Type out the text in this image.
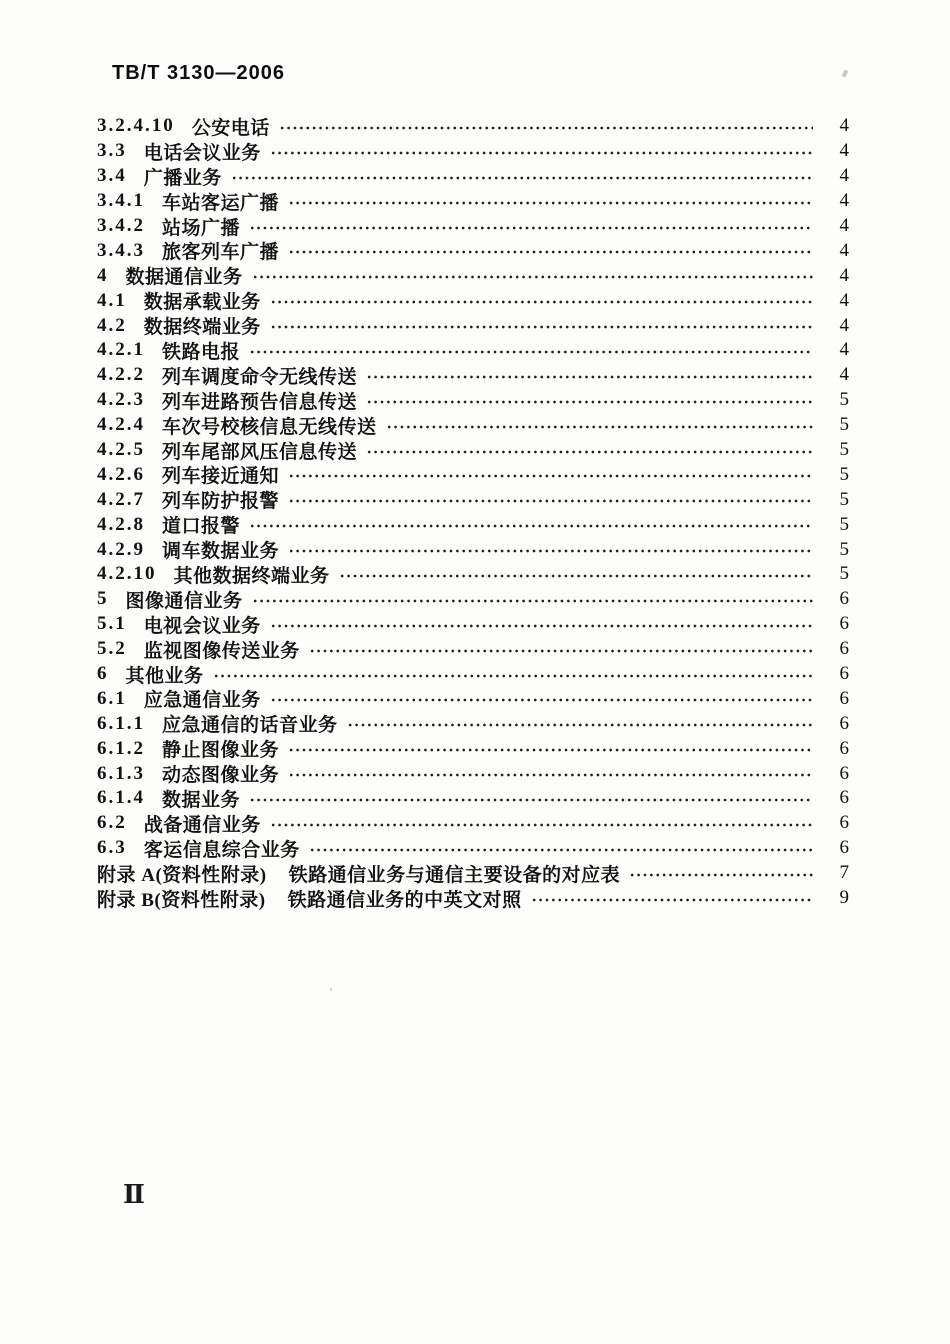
TB/T 3130—2006
3.2.4.10 公安电话	4
3.3 电话会议业务	4
3.4 广播业务	4
3.4.1 车站客运广播	4
3.4.2 站场广播	4
3.4.3 旅客列车广播	4
4 数据通信业务	4
4.1 数据承载业务	4
4.2 数据终端业务	4
4.2.1 铁路电报	4
4.2.2 列车调度命令无线传送	4
4.2.3 列车进路预告信息传送	5
4.2.4 车次号校核信息无线传送	5
4.2.5 列车尾部风压信息传送	5
4.2.6 列车接近通知	5
4.2.7 列车防护报警	5
4.2.8 道口报警	5
4.2.9 调车数据业务	5
4.2.10 其他数据终端业务	5
5 图像通信业务	6
5.1 电视会议业务	6
5.2 监视图像传送业务	6
6 其他业务	6
6.1 应急通信业务	6
6.1.1 应急通信的话音业务	6
6.1.2 静止图像业务	6
6.1.3 动态图像业务	6
6.1.4 数据业务	6
6.2 战备通信业务	6
6.3 客运信息综合业务	6
附录 A(资料性附录) 铁路通信业务与通信主要设备的对应表	7
附录 B(资料性附录) 铁路通信业务的中英文对照	9
Ⅱ
